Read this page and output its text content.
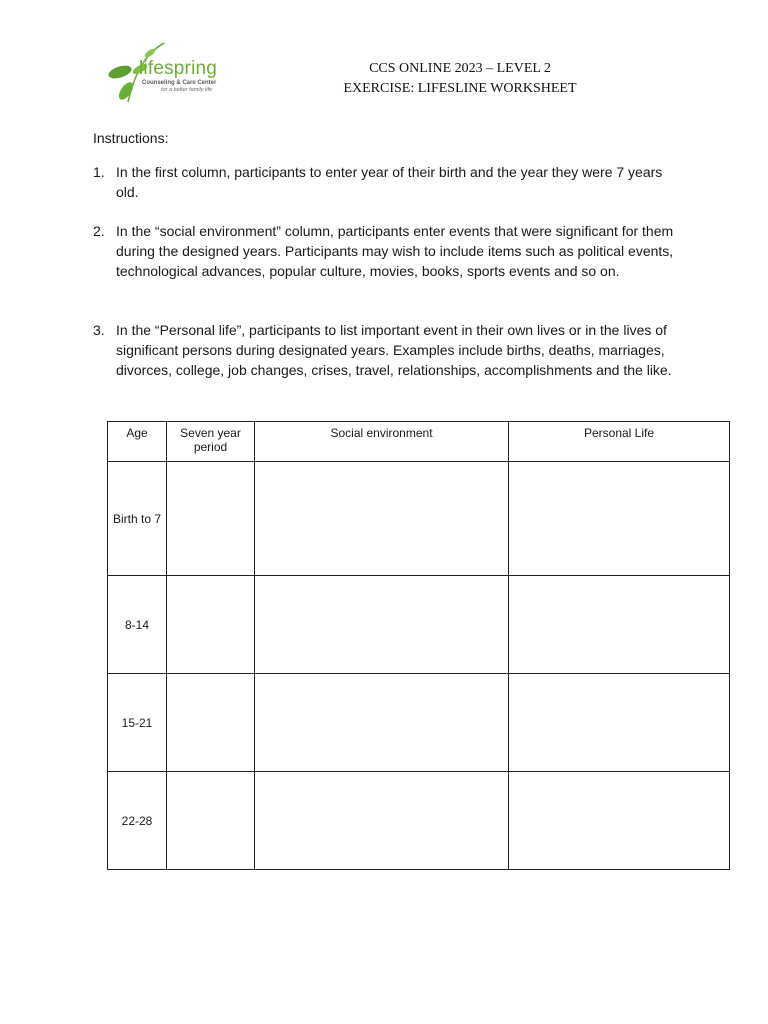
lifespring
Counseling & Care Center
for a better family life
CCS ONLINE 2023 – LEVEL 2
EXERCISE: LIFESLINE WORKSHEET
Instructions:
1. In the first column, participants to enter year of their birth and the year they were 7 years old.
2. In the “social environment” column, participants enter events that were significant for them during the designed years. Participants may wish to include items such as political events, technological advances, popular culture, movies, books, sports events and so on.
3. In the “Personal life”, participants to list important event in their own lives or in the lives of significant persons during designated years. Examples include births, deaths, marriages, divorces, college, job changes, crises, travel, relationships, accomplishments and the like.
Age	Seven year period	Social environment	Personal Life
Birth to 7			
8-14			
15-21			
22-28			
